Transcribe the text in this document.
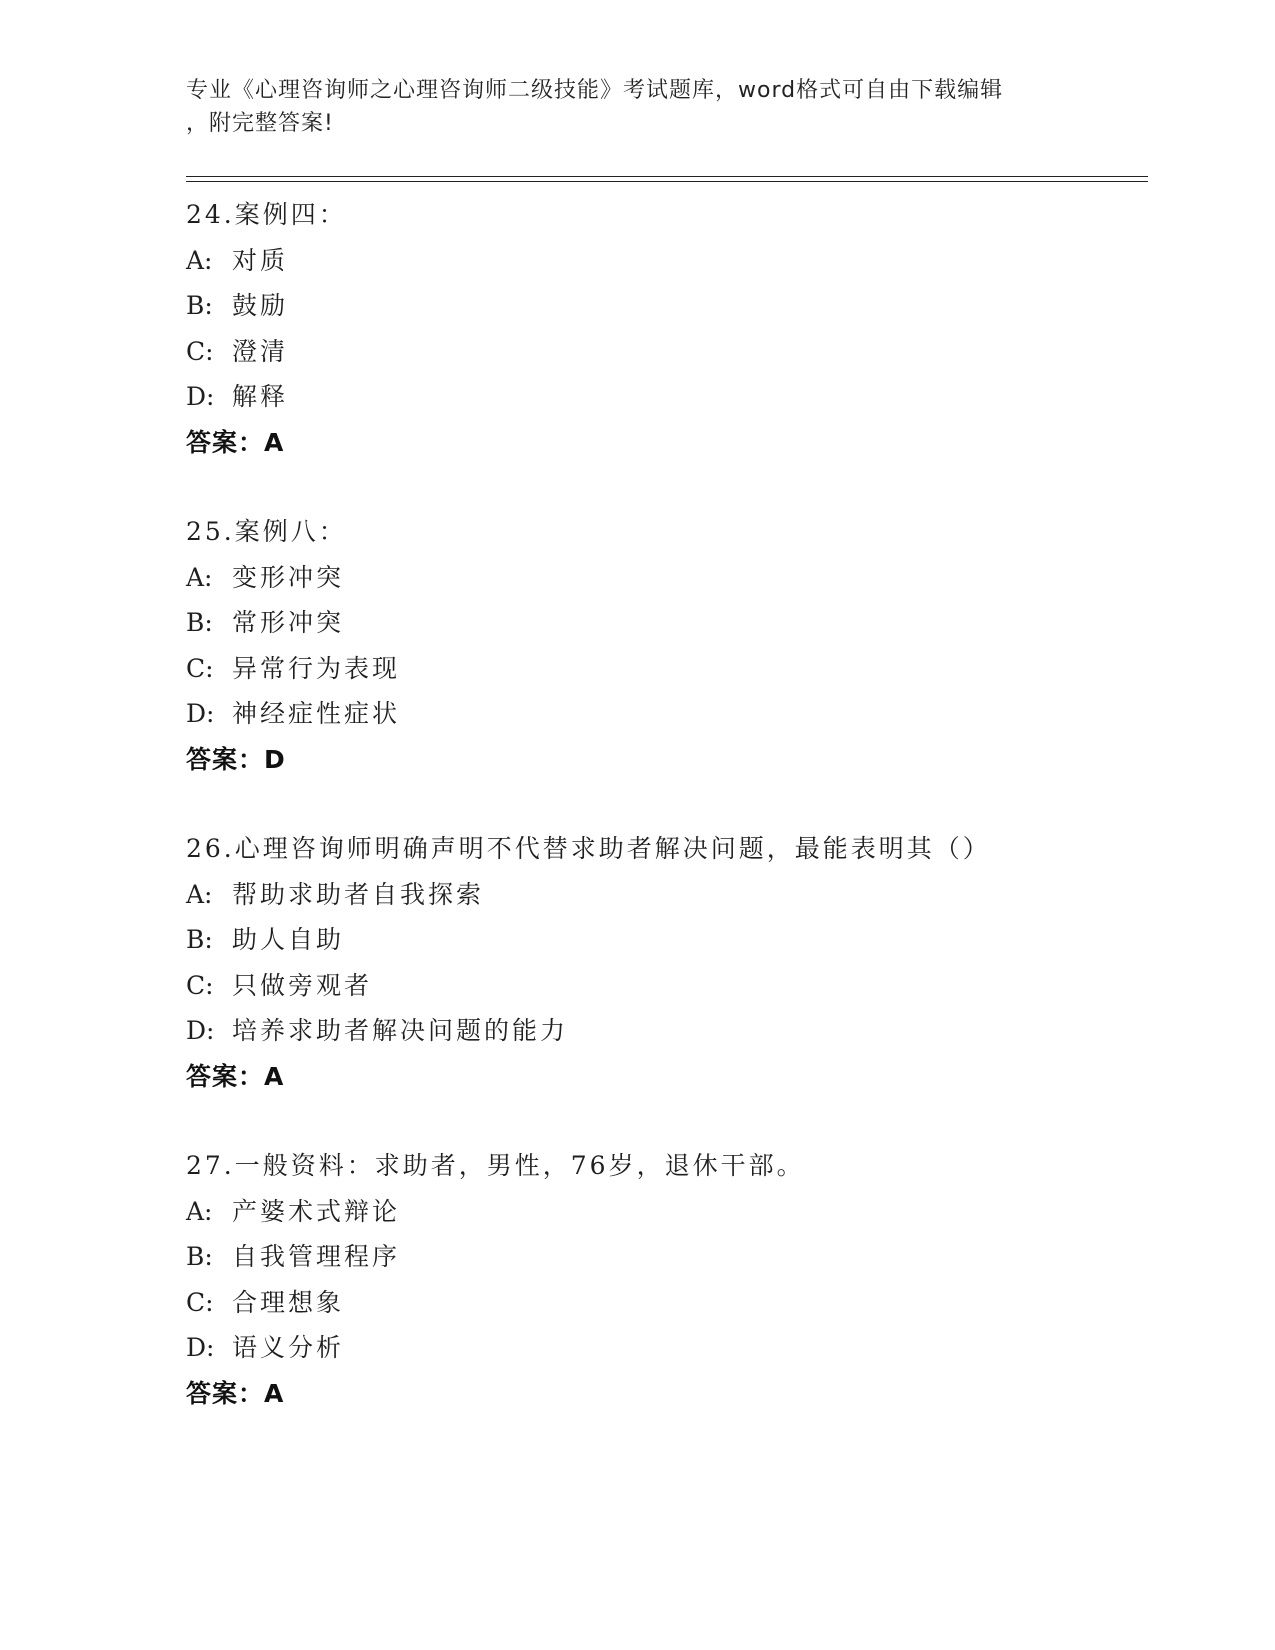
专业《心理咨询师之心理咨询师二级技能》考试题库，word格式可自由下载编辑
，附完整答案!
24.案例四：
A: 对质
B: 鼓励
C: 澄清
D: 解释
答案：A
25.案例八：
A: 变形冲突
B: 常形冲突
C: 异常行为表现
D: 神经症性症状
答案：D
26.心理咨询师明确声明不代替求助者解决问题，最能表明其（）
A: 帮助求助者自我探索
B: 助人自助
C: 只做旁观者
D: 培养求助者解决问题的能力
答案：A
27.一般资料：求助者，男性，76岁，退休干部。
A: 产婆术式辩论
B: 自我管理程序
C: 合理想象
D: 语义分析
答案：A
